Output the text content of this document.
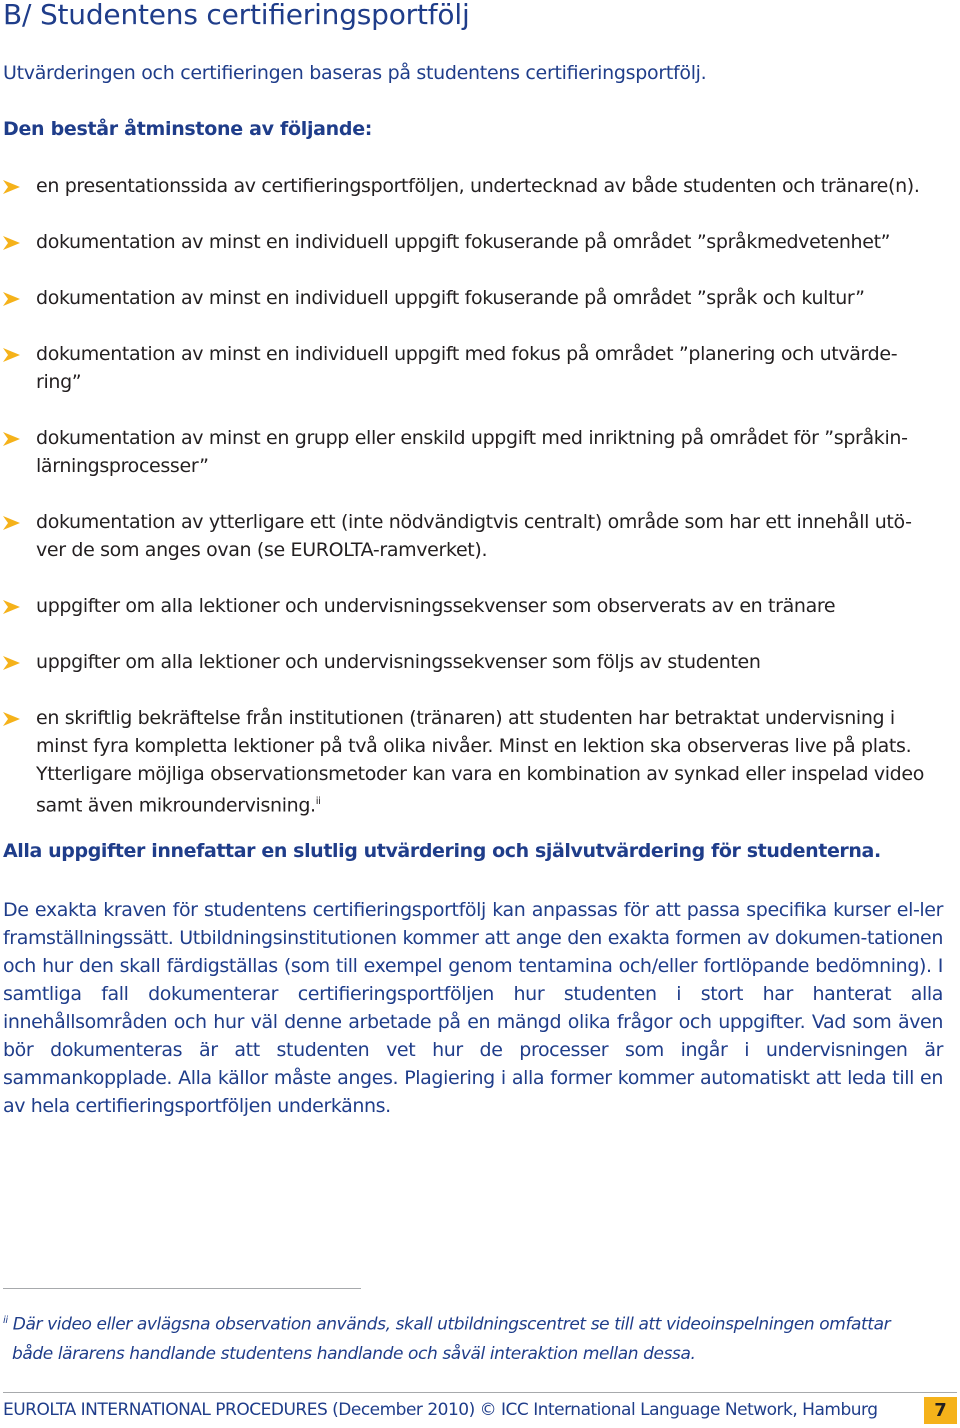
B/ Studentens certiﬁeringsportfölj

Utvärderingen och certiﬁeringen baseras på studentens certiﬁeringsportfölj.

Den består åtminstone av följande:

en presentationssida av certiﬁeringsportföljen, undertecknad av både studenten och tränare(n).
dokumentation av minst en individuell uppgift fokuserande på området ”språkmedvetenhet”
dokumentation av minst en individuell uppgift fokuserande på området ”språk och kultur”
dokumentation av minst en individuell uppgift med fokus på området ”planering och utvärde-ring”
dokumentation av minst en grupp eller enskild uppgift med inriktning på området för ”språkin-lärningsprocesser”
dokumentation av ytterligare ett (inte nödvändigtvis centralt) område som har ett innehåll utö-ver de som anges ovan (se EUROLTA-ramverket).
uppgifter om alla lektioner och undervisningssekvenser som observerats av en tränare
uppgifter om alla lektioner och undervisningssekvenser som följs av studenten
en skriftlig bekräftelse från institutionen (tränaren) att studenten har betraktat undervisning i minst fyra kompletta lektioner på två olika nivåer. Minst en lektion ska observeras live på plats. Ytterligare möjliga observationsmetoder kan vara en kombination av synkad eller inspelad video samt även mikroundervisning.$^{ii}$

Alla uppgifter innefattar en slutlig utvärdering och självutvärdering för studenterna.

De exakta kraven för studentens certiﬁeringsportfölj kan anpassas för att passa speciﬁka kurser el-ler framställningssätt. Utbildningsinstitutionen kommer att ange den exakta formen av dokumen-tationen och hur den skall färdigställas (som till exempel genom tentamina och/eller fortlöpande bedömning). I samtliga fall dokumenterar certiﬁeringsportföljen hur studenten i stort har hanterat alla innehållsområden och hur väl denne arbetade på en mängd olika frågor och uppgifter. Vad som även bör dokumenteras är att studenten vet hur de processer som ingår i undervisningen är sammankopplade. Alla källor måste anges. Plagiering i alla former kommer automatiskt att leda till en av hela certiﬁeringsportföljen underkänns.

$^{ii}$ Där video eller avlägsna observation används, skall utbildningscentret se till att videoinspelningen omfattar
både lärarens handlande studentens handlande och såväl interaktion mellan dessa.

EUROLTA INTERNATIONAL PROCEDURES (December 2010) © ICC International Language Network, Hamburg	7
